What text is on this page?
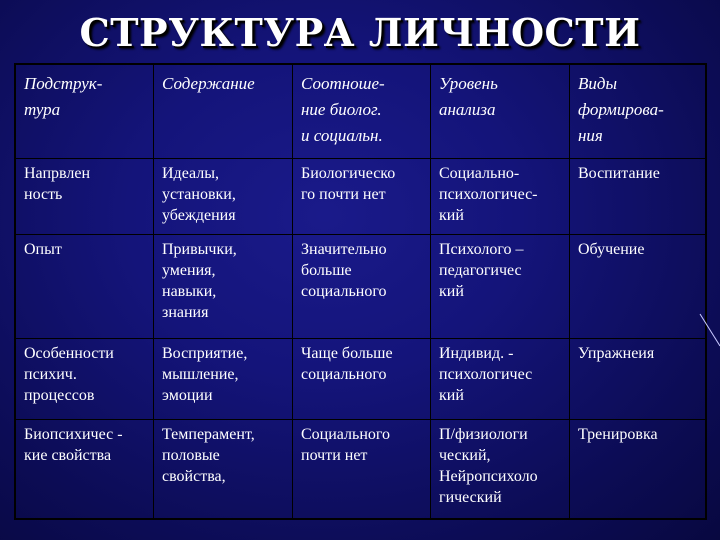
СТРУКТУРА ЛИЧНОСТИ
Подструк-
тура
Содержание	Соотноше-
ние биолог.
и социальн.
Уровень
анализа
Виды
формирова-
ния
Напрвлен
ность
Идеалы,
установки,
убеждения
Биологическо
го почти нет
Социально-
психологичес-
кий
Воспитание
Опыт	Привычки,
умения,
навыки,
знания
Значительно
больше
социального
Психолого –
педагогичес
кий
Обучение
Особенности
психич.
процессов
Восприятие,
мышление,
эмоции
Чаще больше
социального
Индивид. -
психологичес
кий
Упражнеия
Биопсихичес -
кие свойства
Темперамент,
половые
свойства,
Социального
почти нет
П/физиологи
ческий,
Нейропсихоло
гический
Тренировка
